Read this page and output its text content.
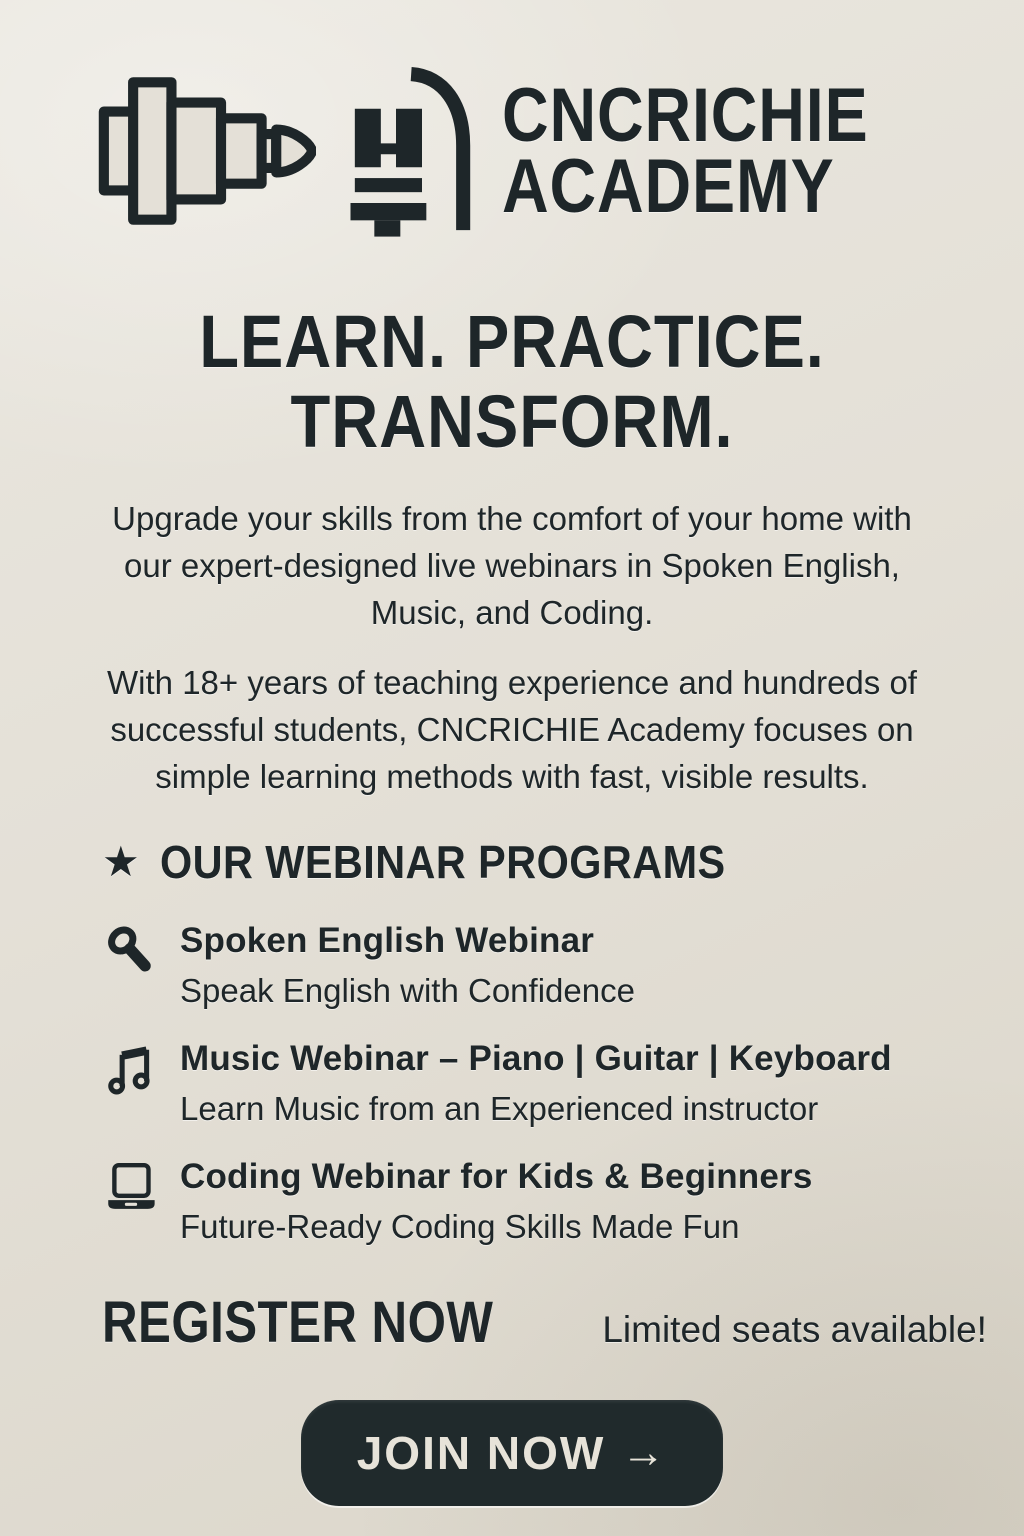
CNCRICHIE
ACADEMY
LEARN. PRACTICE.
TRANSFORM.

Upgrade your skills from the comfort of your home with our expert-designed live webinars in Spoken English, Music, and Coding.

With 18+ years of teaching experience and hundreds of successful students, CNCRICHIE Academy focuses on simple learning methods with fast, visible results.

★ OUR WEBINAR PROGRAMS
Spoken English Webinar
Speak English with Confidence
Music Webinar – Piano | Guitar | Keyboard
Learn Music from an Experienced instructor
Coding Webinar for Kids & Beginners
Future-Ready Coding Skills Made Fun
REGISTER NOW	Limited seats available!
JOIN NOW →
